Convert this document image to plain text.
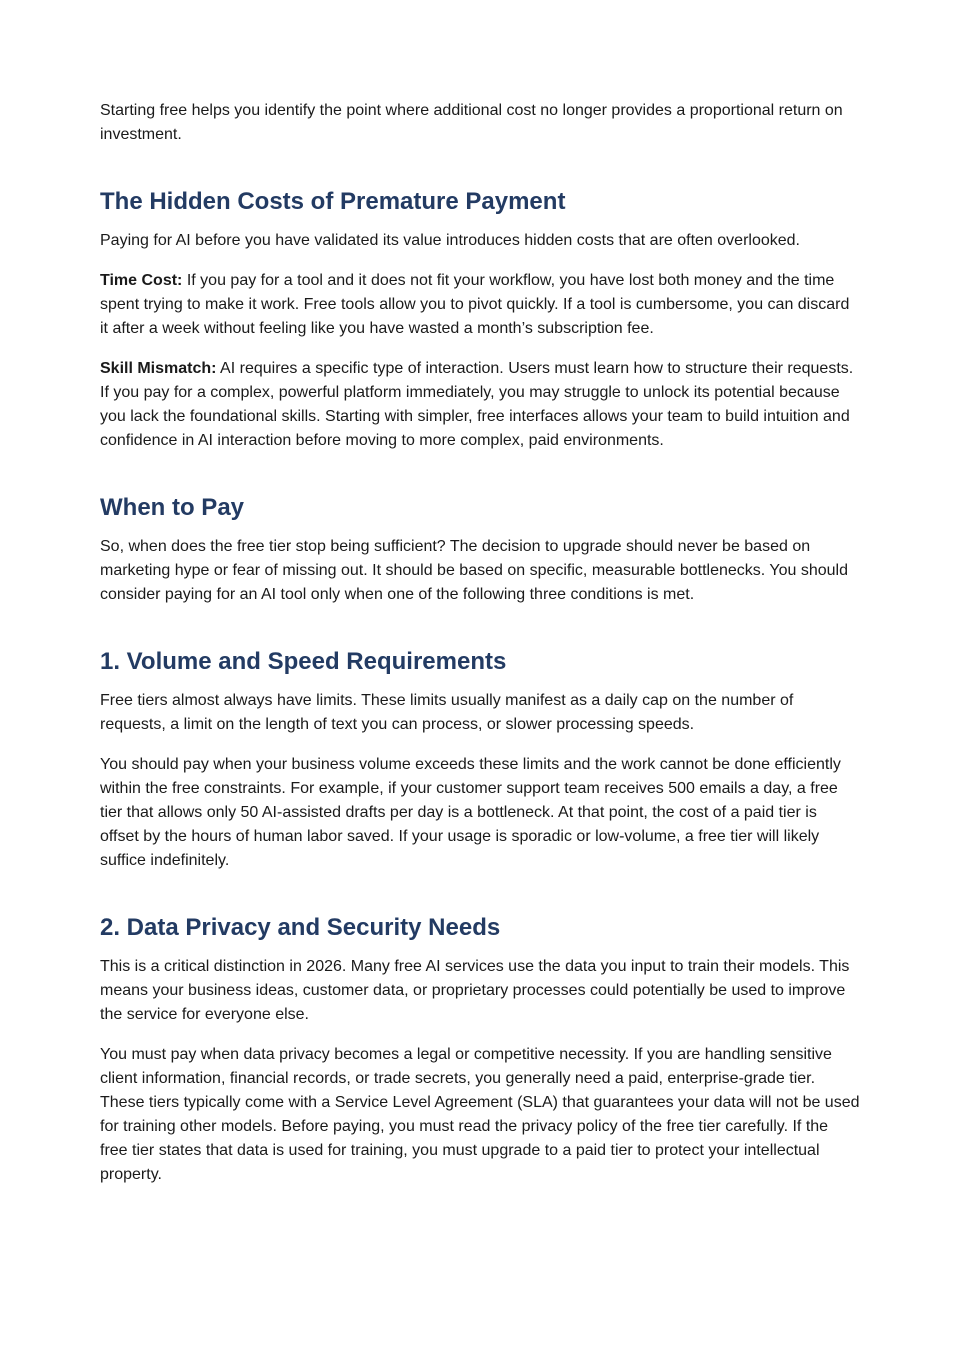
Starting free helps you identify the point where additional cost no longer provides a proportional return on investment.

The Hidden Costs of Premature Payment

Paying for AI before you have validated its value introduces hidden costs that are often overlooked.

Time Cost: If you pay for a tool and it does not fit your workflow, you have lost both money and the time spent trying to make it work. Free tools allow you to pivot quickly. If a tool is cumbersome, you can discard it after a week without feeling like you have wasted a month’s subscription fee.

Skill Mismatch: AI requires a specific type of interaction. Users must learn how to structure their requests. If you pay for a complex, powerful platform immediately, you may struggle to unlock its potential because you lack the foundational skills. Starting with simpler, free interfaces allows your team to build intuition and confidence in AI interaction before moving to more complex, paid environments.

When to Pay

So, when does the free tier stop being sufficient? The decision to upgrade should never be based on marketing hype or fear of missing out. It should be based on specific, measurable bottlenecks. You should consider paying for an AI tool only when one of the following three conditions is met.

1. Volume and Speed Requirements

Free tiers almost always have limits. These limits usually manifest as a daily cap on the number of requests, a limit on the length of text you can process, or slower processing speeds.

You should pay when your business volume exceeds these limits and the work cannot be done efficiently within the free constraints. For example, if your customer support team receives 500 emails a day, a free tier that allows only 50 AI-assisted drafts per day is a bottleneck. At that point, the cost of a paid tier is offset by the hours of human labor saved. If your usage is sporadic or low-volume, a free tier will likely suffice indefinitely.

2. Data Privacy and Security Needs

This is a critical distinction in 2026. Many free AI services use the data you input to train their models. This means your business ideas, customer data, or proprietary processes could potentially be used to improve the service for everyone else.

You must pay when data privacy becomes a legal or competitive necessity. If you are handling sensitive client information, financial records, or trade secrets, you generally need a paid, enterprise-grade tier. These tiers typically come with a Service Level Agreement (SLA) that guarantees your data will not be used for training other models. Before paying, you must read the privacy policy of the free tier carefully. If the free tier states that data is used for training, you must upgrade to a paid tier to protect your intellectual property.
